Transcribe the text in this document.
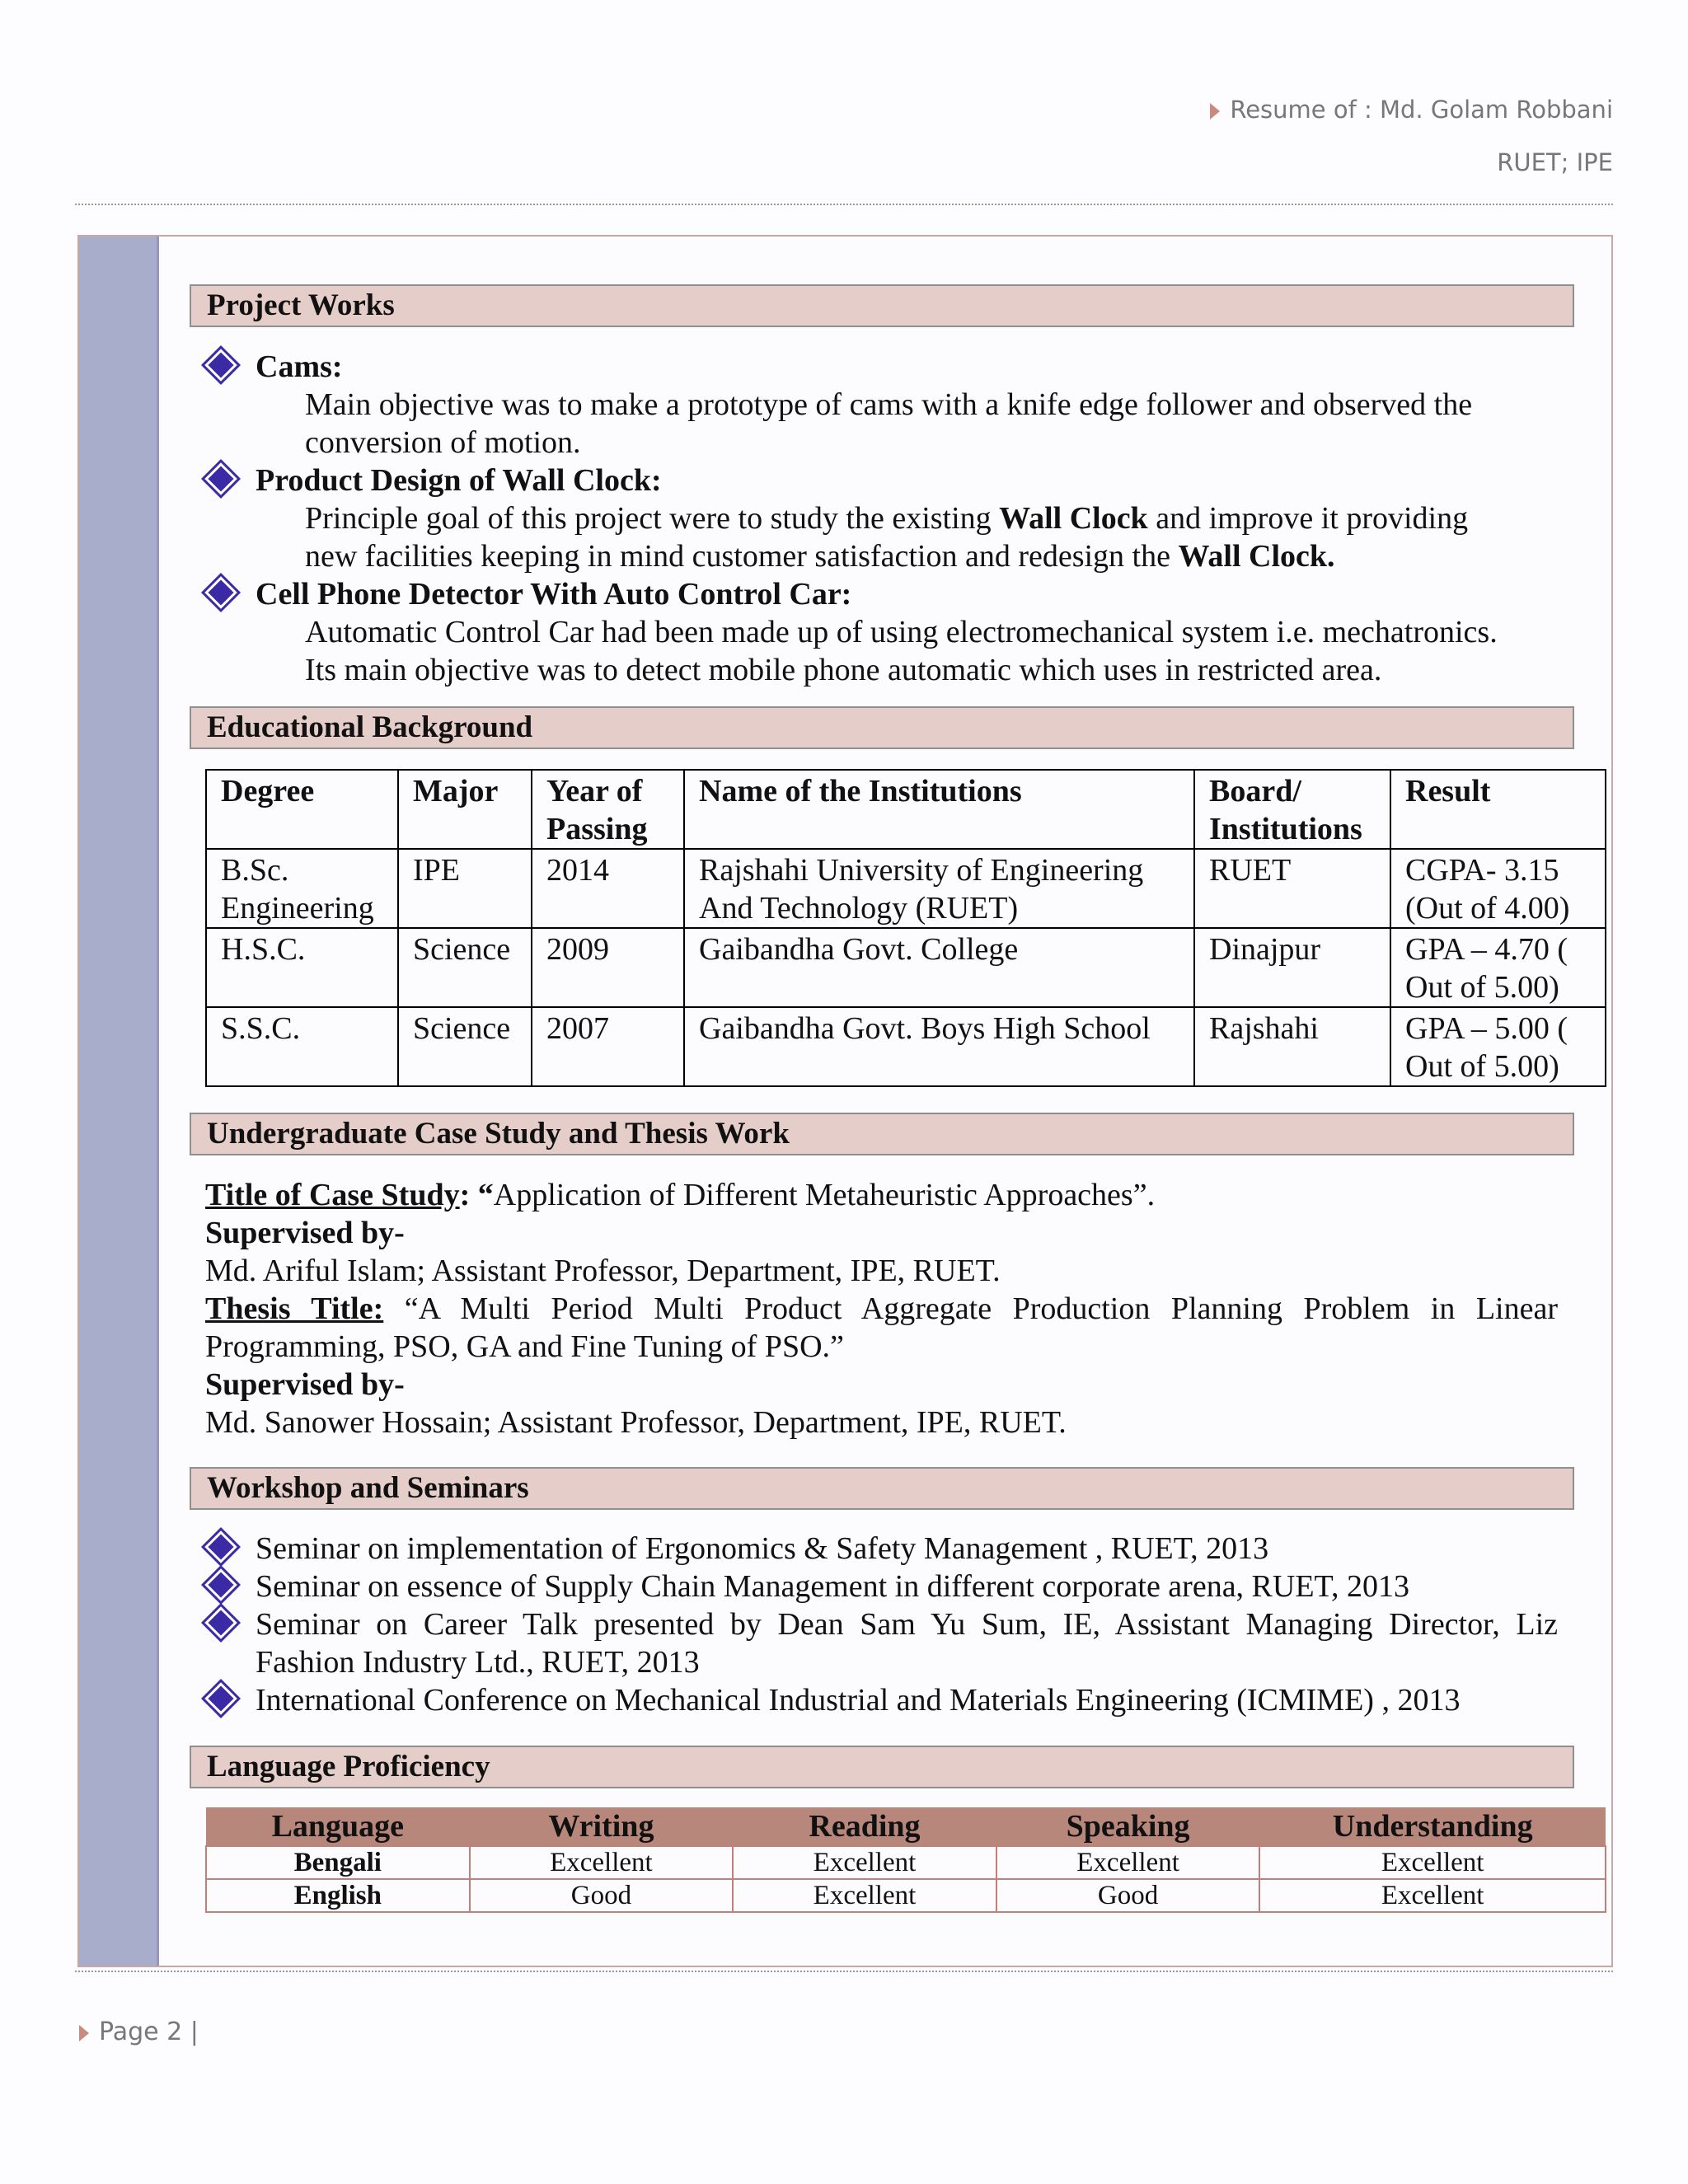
Resume of : Md. Golam Robbani
RUET; IPE
Project Works
Cams:
Main objective was to make a prototype of cams with a knife edge follower and observed the
conversion of motion.
Product Design of Wall Clock:
Principle goal of this project were to study the existing Wall Clock and improve it providing
new facilities keeping in mind customer satisfaction and redesign the Wall Clock.
Cell Phone Detector With Auto Control Car:
Automatic Control Car had been made up of using electromechanical system i.e. mechatronics.
Its main objective was to detect mobile phone automatic which uses in restricted area.
Educational Background
Degree	Major	Year of Passing	Name of the Institutions	Board/ Institutions	Result
B.Sc. Engineering	IPE	2014	Rajshahi University of Engineering And Technology (RUET)	RUET	CGPA- 3.15 (Out of 4.00)
H.S.C.	Science	2009	Gaibandha Govt. College	Dinajpur	GPA – 4.70 ( Out of 5.00)
S.S.C.	Science	2007	Gaibandha Govt. Boys High School	Rajshahi	GPA – 5.00 ( Out of 5.00)
Undergraduate Case Study and Thesis Work
Title of Case Study: “Application of Different Metaheuristic Approaches”.
Supervised by-
Md. Ariful Islam; Assistant Professor, Department, IPE, RUET.
Thesis Title: “A Multi Period Multi Product Aggregate Production Planning Problem in Linear
Programming, PSO, GA and Fine Tuning of PSO.”
Supervised by-
Md. Sanower Hossain; Assistant Professor, Department, IPE, RUET.
Workshop and Seminars
Seminar on implementation of Ergonomics & Safety Management , RUET, 2013
Seminar on essence of Supply Chain Management in different corporate arena, RUET, 2013
Seminar on Career Talk presented by Dean Sam Yu Sum, IE, Assistant Managing Director, Liz
Fashion Industry Ltd., RUET, 2013
International Conference on Mechanical Industrial and Materials Engineering (ICMIME) , 2013
Language Proficiency
Language	Writing	Reading	Speaking	Understanding
Bengali	Excellent	Excellent	Excellent	Excellent
English	Good	Excellent	Good	Excellent
Page 2 |
